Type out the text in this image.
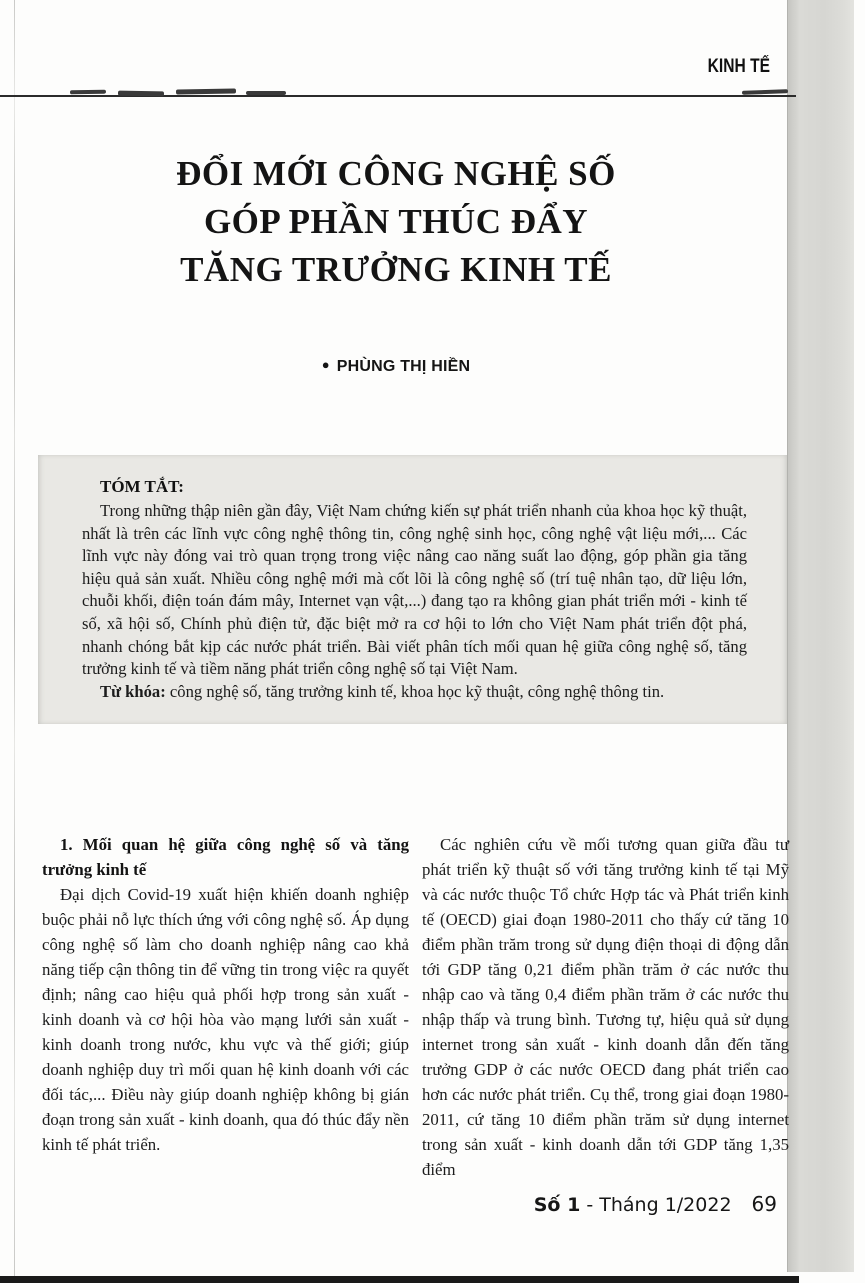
KINH TẾ
ĐỔI MỚI CÔNG NGHỆ SỐ
GÓP PHẦN THÚC ĐẨY
TĂNG TRƯỞNG KINH TẾ
● PHÙNG THỊ HIỀN

TÓM TẮT:

Trong những thập niên gần đây, Việt Nam chứng kiến sự phát triển nhanh của khoa học kỹ thuật, nhất là trên các lĩnh vực công nghệ thông tin, công nghệ sinh học, công nghệ vật liệu mới,... Các lĩnh vực này đóng vai trò quan trọng trong việc nâng cao năng suất lao động, góp phần gia tăng hiệu quả sản xuất. Nhiều công nghệ mới mà cốt lõi là công nghệ số (trí tuệ nhân tạo, dữ liệu lớn, chuỗi khối, điện toán đám mây, Internet vạn vật,...) đang tạo ra không gian phát triển mới - kinh tế số, xã hội số, Chính phủ điện tử, đặc biệt mở ra cơ hội to lớn cho Việt Nam phát triển đột phá, nhanh chóng bắt kịp các nước phát triển. Bài viết phân tích mối quan hệ giữa công nghệ số, tăng trưởng kinh tế và tiềm năng phát triển công nghệ số tại Việt Nam.

Từ khóa: công nghệ số, tăng trưởng kinh tế, khoa học kỹ thuật, công nghệ thông tin.

1. Mối quan hệ giữa công nghệ số và tăng trưởng kinh tế

Đại dịch Covid-19 xuất hiện khiến doanh nghiệp buộc phải nỗ lực thích ứng với công nghệ số. Áp dụng công nghệ số làm cho doanh nghiệp nâng cao khả năng tiếp cận thông tin để vững tin trong việc ra quyết định; nâng cao hiệu quả phối hợp trong sản xuất - kinh doanh và cơ hội hòa vào mạng lưới sản xuất - kinh doanh trong nước, khu vực và thế giới; giúp doanh nghiệp duy trì mối quan hệ kinh doanh với các đối tác,... Điều này giúp doanh nghiệp không bị gián đoạn trong sản xuất - kinh doanh, qua đó thúc đẩy nền kinh tế phát triển.

Các nghiên cứu về mối tương quan giữa đầu tư phát triển kỹ thuật số với tăng trưởng kinh tế tại Mỹ và các nước thuộc Tổ chức Hợp tác và Phát triển kinh tế (OECD) giai đoạn 1980-2011 cho thấy cứ tăng 10 điểm phần trăm trong sử dụng điện thoại di động dẫn tới GDP tăng 0,21 điểm phần trăm ở các nước thu nhập cao và tăng 0,4 điểm phần trăm ở các nước thu nhập thấp và trung bình. Tương tự, hiệu quả sử dụng internet trong sản xuất - kinh doanh dẫn đến tăng trưởng GDP ở các nước OECD đang phát triển cao hơn các nước phát triển. Cụ thể, trong giai đoạn 1980-2011, cứ tăng 10 điểm phần trăm sử dụng internet trong sản xuất - kinh doanh dẫn tới GDP tăng 1,35 điểm

Số 1 - Tháng 1/2022 69
